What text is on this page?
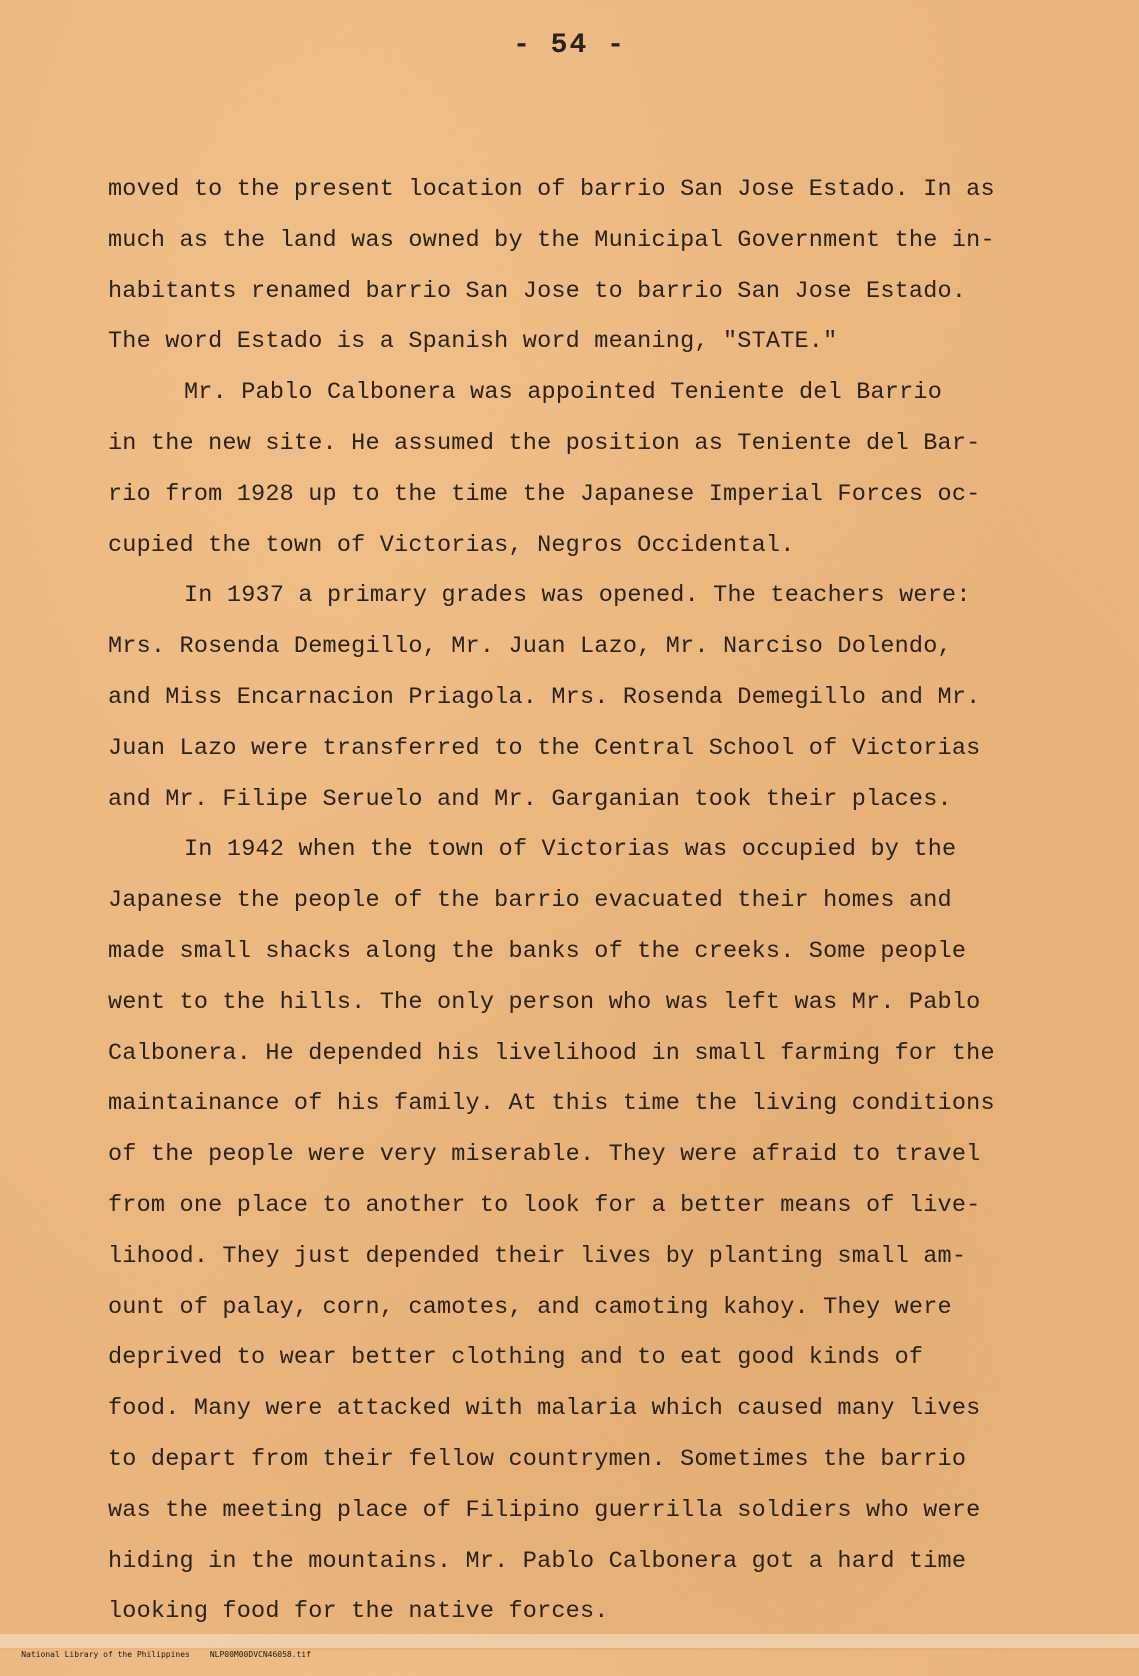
- 54 -
moved to the present location of barrio San Jose Estado. In as
much as the land was owned by the Municipal Government the in-
habitants renamed barrio San Jose to barrio San Jose Estado.
The word Estado is a Spanish word meaning, "STATE."
Mr. Pablo Calbonera was appointed Teniente del Barrio
in the new site. He assumed the position as Teniente del Bar-
rio from 1928 up to the time the Japanese Imperial Forces oc-
cupied the town of Victorias, Negros Occidental.
In 1937 a primary grades was opened. The teachers were:
Mrs. Rosenda Demegillo, Mr. Juan Lazo, Mr. Narciso Dolendo,
and Miss Encarnacion Priagola. Mrs. Rosenda Demegillo and Mr.
Juan Lazo were transferred to the Central School of Victorias
and Mr. Filipe Seruelo and Mr. Garganian took their places.
In 1942 when the town of Victorias was occupied by the
Japanese the people of the barrio evacuated their homes and
made small shacks along the banks of the creeks. Some people
went to the hills. The only person who was left was Mr. Pablo
Calbonera. He depended his livelihood in small farming for the
maintainance of his family. At this time the living conditions
of the people were very miserable. They were afraid to travel
from one place to another to look for a better means of live-
lihood. They just depended their lives by planting small am-
ount of palay, corn, camotes, and camoting kahoy. They were
deprived to wear better clothing and to eat good kinds of
food. Many were attacked with malaria which caused many lives
to depart from their fellow countrymen. Sometimes the barrio
was the meeting place of Filipino guerrilla soldiers who were
hiding in the mountains. Mr. Pablo Calbonera got a hard time
looking food for the native forces.

National Library of the Philippines	NLP00M00DVCN46058.tif
